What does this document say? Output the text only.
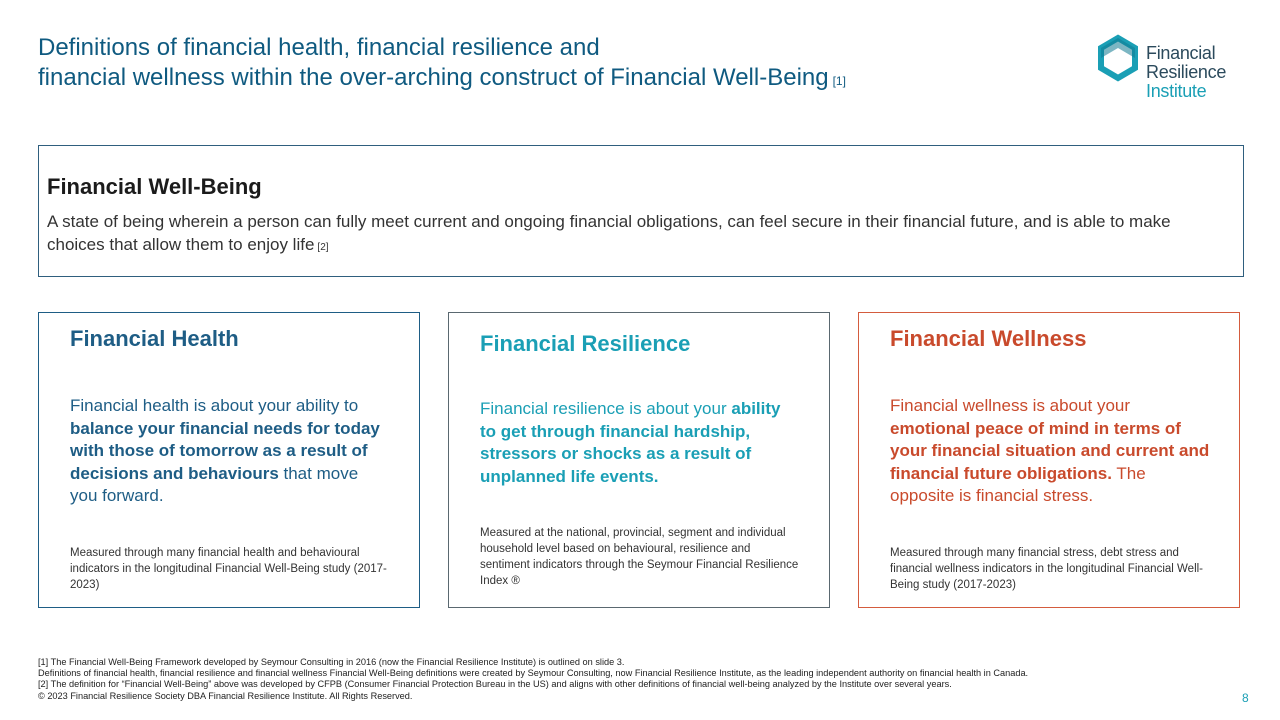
Definitions of financial health, financial resilience and
financial wellness within the over-arching construct of Financial Well-Being [1]
Financial
Resilience
Institute
Financial Well-Being
A state of being wherein a person can fully meet current and ongoing financial obligations, can feel secure in their financial future, and is able to make choices that allow them to enjoy life [2]
Financial Health
Financial health is about your ability to balance your financial needs for today with those of tomorrow as a result of decisions and behaviours that move you forward.
Measured through many financial health and behavioural indicators in the longitudinal Financial Well-Being study (2017-2023)
Financial Resilience
Financial resilience is about your ability to get through financial hardship, stressors or shocks as a result of unplanned life events.
Measured at the national, provincial, segment and individual household level based on behavioural, resilience and sentiment indicators through the Seymour Financial Resilience Index ®
Financial Wellness
Financial wellness is about your emotional peace of mind in terms of your financial situation and current and financial future obligations. The opposite is financial stress.
Measured through many financial stress, debt stress and financial wellness indicators in the longitudinal Financial Well-Being study (2017-2023)
[1] The Financial Well-Being Framework developed by Seymour Consulting in 2016 (now the Financial Resilience Institute) is outlined on slide 3.
Definitions of financial health, financial resilience and financial wellness Financial Well-Being definitions were created by Seymour Consulting, now Financial Resilience Institute, as the leading independent authority on financial health in Canada.
[2] The definition for “Financial Well-Being” above was developed by CFPB (Consumer Financial Protection Bureau in the US) and aligns with other definitions of financial well-being analyzed by the Institute over several years.
© 2023 Financial Resilience Society DBA Financial Resilience Institute. All Rights Reserved.	8
